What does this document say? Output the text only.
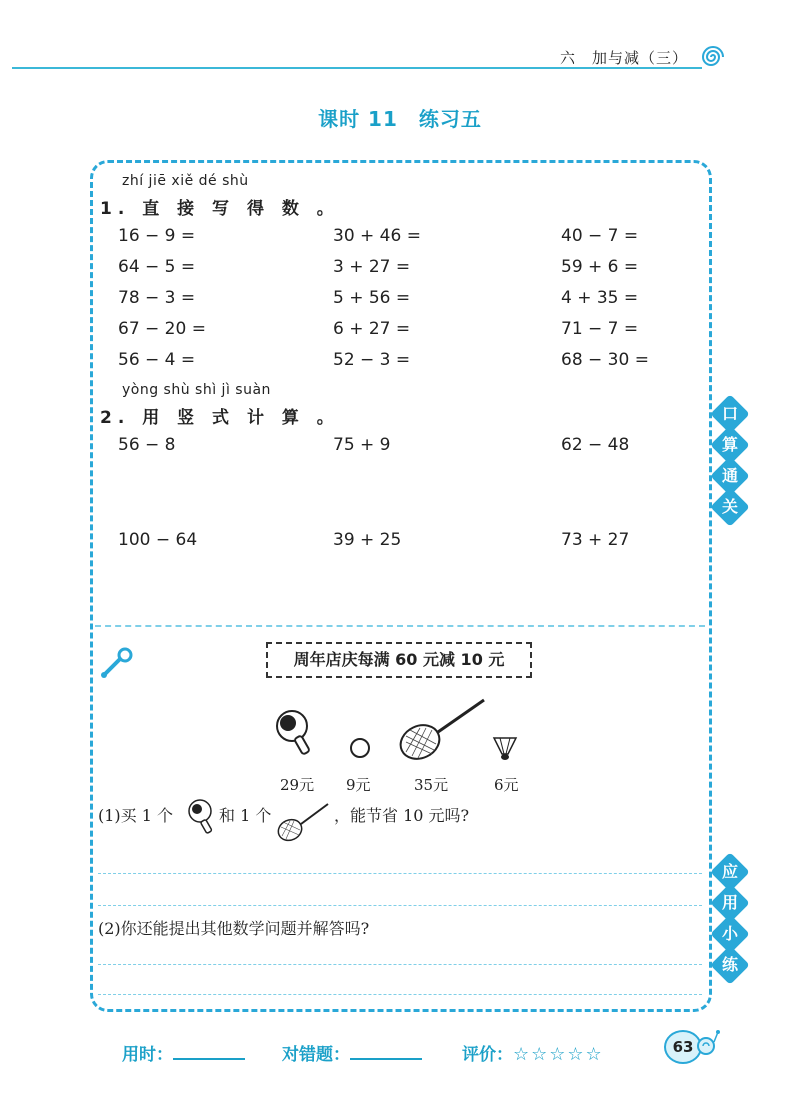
六　加与减（三）
课时 11　练习五
zhí jiē xiě dé shù
1. 直 接 写 得 数 。
16 − 9 =	30 + 46 =	40 − 7 =
64 − 5 =	3 + 27 =	59 + 6 =
78 − 3 =	5 + 56 =	4 + 35 =
67 − 20 =	6 + 27 =	71 − 7 =
56 − 4 =	52 − 3 =	68 − 30 =
yòng shù shì jì suàn
2. 用 竖 式 计 算 。
56 − 8	75 + 9	62 − 48
100 − 64	39 + 25	73 + 27
口
算
通
关
周年店庆每满 60 元减 10 元
29元 9元	35元	6元
(1)买 1 个	和 1 个	，能节省 10 元吗?
(2)你还能提出其他数学问题并解答吗?
应
用
小
练
用时：	对错题：	评价：☆☆☆☆☆	63
